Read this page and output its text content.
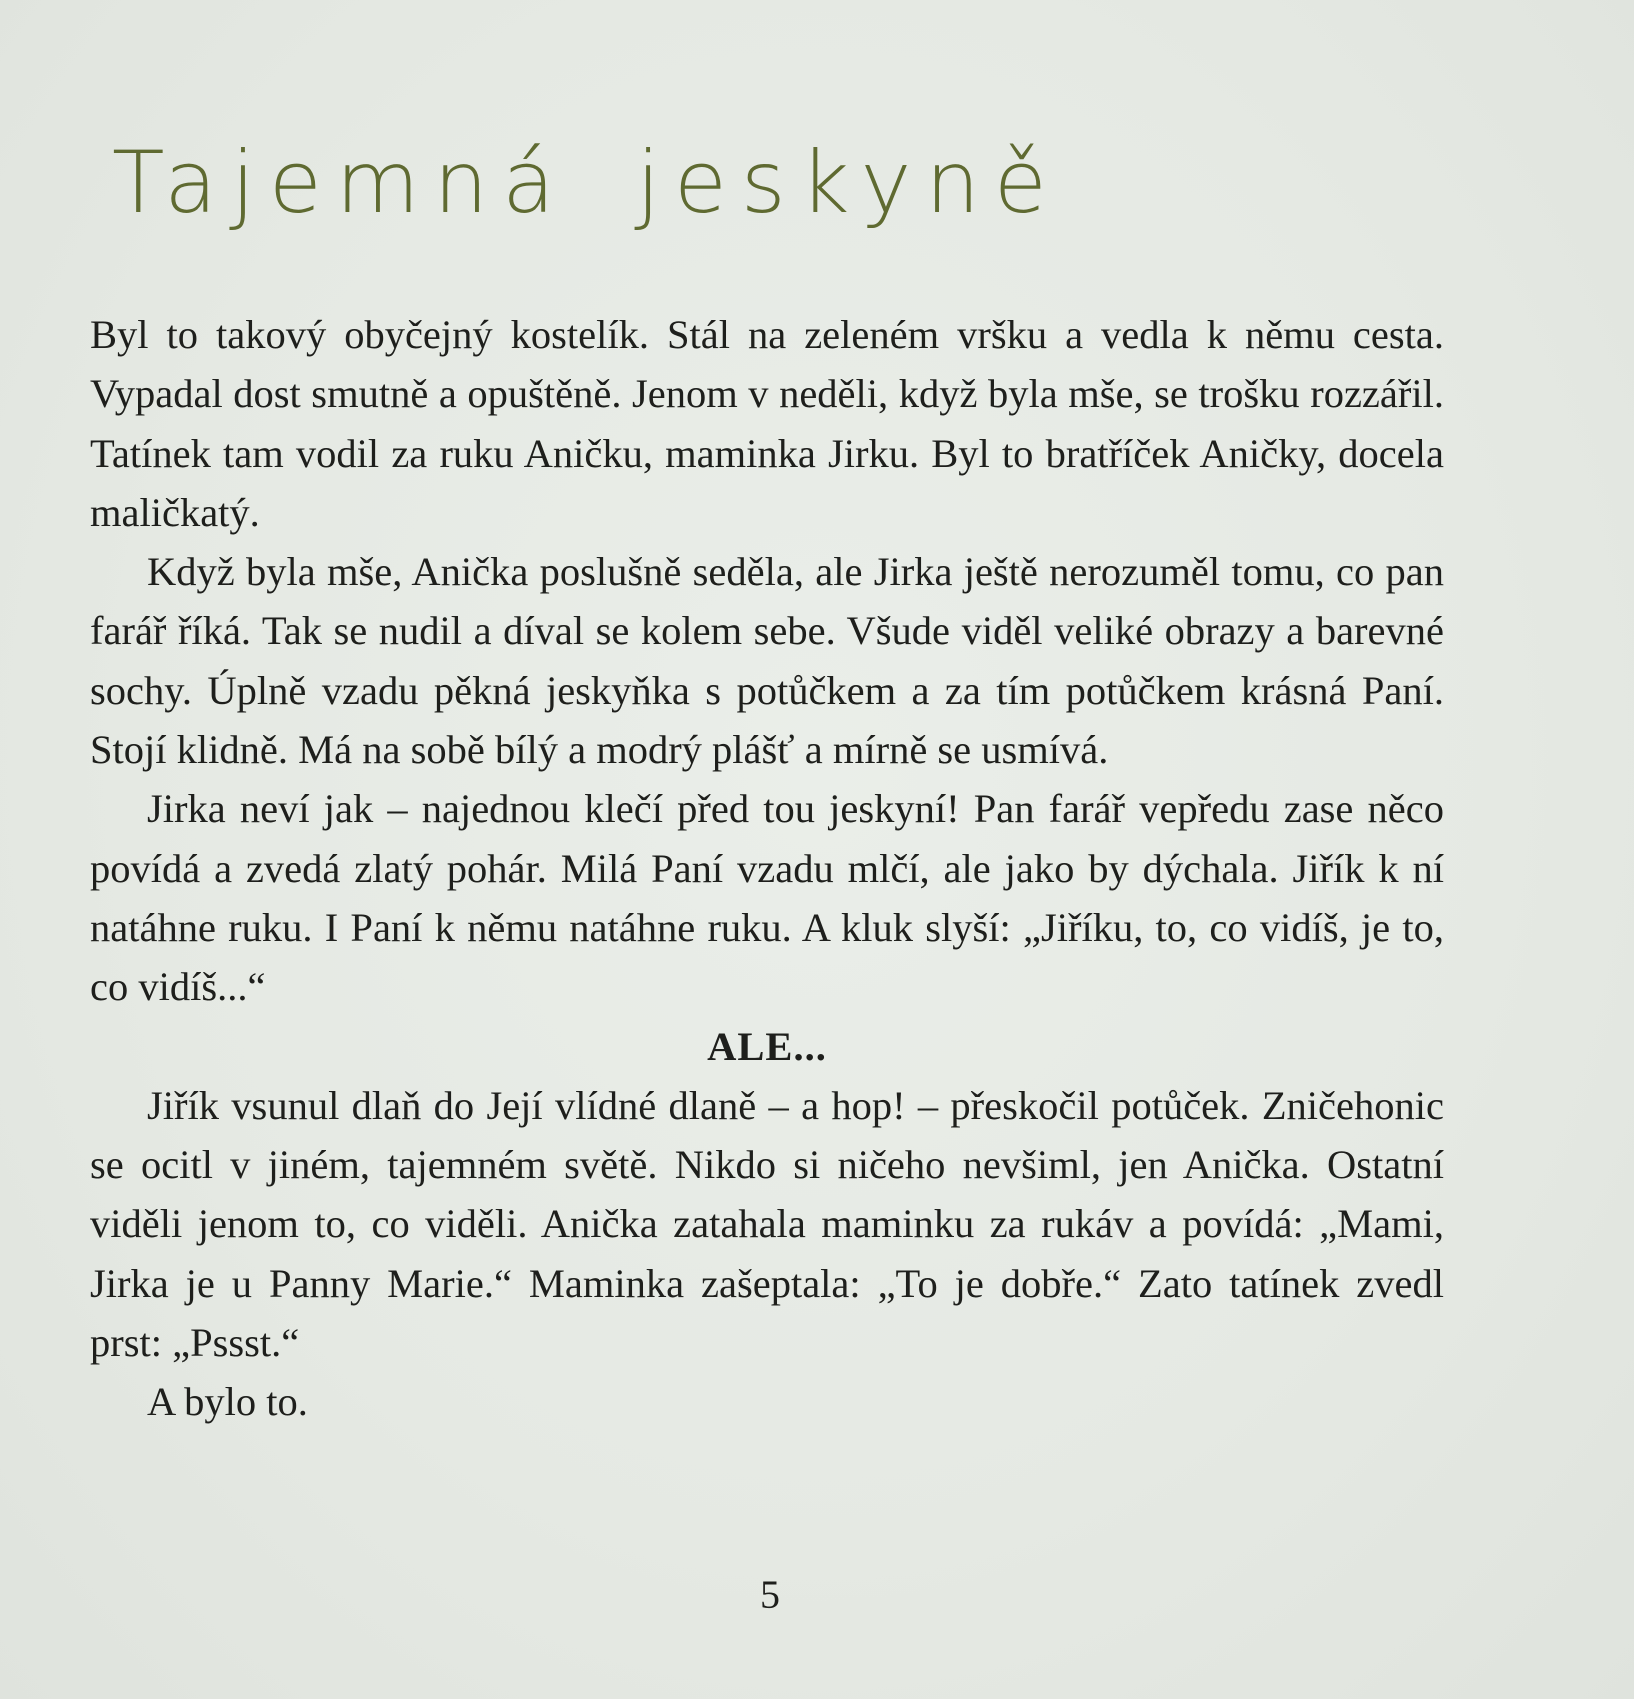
Tajemná jeskyně

Byl to takový obyčejný kostelík. Stál na zeleném vršku a vedla k němu cesta. Vypadal dost smutně a opuštěně. Jenom v neděli, když byla mše, se trošku rozzářil. Tatínek tam vodil za ruku Aničku, maminka Jirku. Byl to bratříček Aničky, docela maličkatý.

Když byla mše, Anička poslušně seděla, ale Jirka ještě nerozuměl tomu, co pan farář říká. Tak se nudil a díval se kolem sebe. Všude viděl veliké obrazy a barevné sochy. Úplně vzadu pěkná jeskyňka s potůčkem a za tím potůčkem krásná Paní. Stojí klidně. Má na sobě bílý a modrý plášť a mírně se usmívá.

Jirka neví jak – najednou klečí před tou jeskyní! Pan farář vepředu zase něco povídá a zvedá zlatý pohár. Milá Paní vzadu mlčí, ale jako by dýchala. Jiřík k ní natáhne ruku. I Paní k němu natáhne ruku. A kluk slyší: „Jiříku, to, co vidíš, je to, co vidíš...“

ALE...

Jiřík vsunul dlaň do Její vlídné dlaně – a hop! – přeskočil potůček. Zničehonic se ocitl v jiném, tajemném světě. Nikdo si ničeho nevšiml, jen Anička. Ostatní viděli jenom to, co viděli. Anička zatahala maminku za rukáv a povídá: „Mami, Jirka je u Panny Marie.“ Maminka zašeptala: „To je dobře.“ Zato tatínek zvedl prst: „Pssst.“

A bylo to.

5
